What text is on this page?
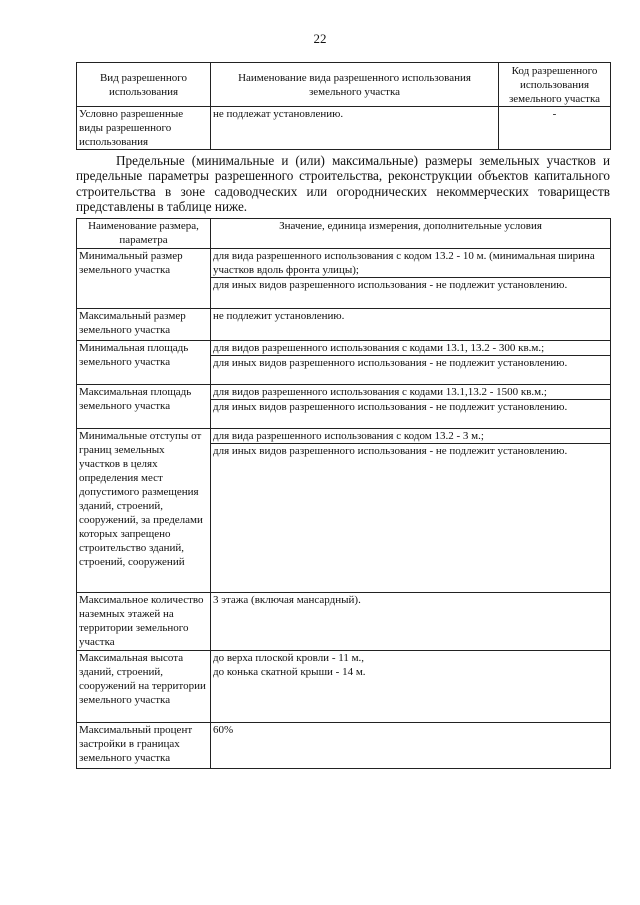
22
Вид разрешенного использования	Наименование вида разрешенного использования земельного участка	Код разрешенного использования земельного участка
Условно разрешенные виды разрешенного использования	не подлежат установлению.	-

Предельные (минимальные и (или) максимальные) размеры земельных участков и предельные параметры разрешенного строительства, реконструкции объектов капитального строительства в зоне садоводческих или огороднических некоммерческих товариществ представлены в таблице ниже.

Наименование размера, параметра	Значение, единица измерения, дополнительные условия
Минимальный размер земельного участка	для вида разрешенного использования с кодом 13.2 - 10 м. (минимальная ширина участков вдоль фронта улицы);
для иных видов разрешенного использования - не подлежит установлению.

Максимальный размер земельного участка	не подлежит установлению.
Минимальная площадь земельного участка	для видов разрешенного использования с кодами 13.1, 13.2 - 300 кв.м.;
для иных видов разрешенного использования - не подлежит установлению.

Максимальная площадь земельного участка	для видов разрешенного использования с кодами 13.1,13.2 - 1500 кв.м.;
для иных видов разрешенного использования - не подлежит установлению.

Минимальные отступы от границ земельных участков в целях определения мест допустимого размещения зданий, строений, сооружений, за пределами которых запрещено строительство зданий, строений, сооружений	для вида разрешенного использования с кодом 13.2 - 3 м.;
для иных видов разрешенного использования - не подлежит установлению.

Максимальное количество наземных этажей на территории земельного участка	3 этажа (включая мансардный).
Максимальная высота зданий, строений, сооружений на территории земельного участка	до верха плоской кровли - 11 м.,
до конька скатной крыши - 14 м.

Максимальный процент застройки в границах земельного участка	60%
